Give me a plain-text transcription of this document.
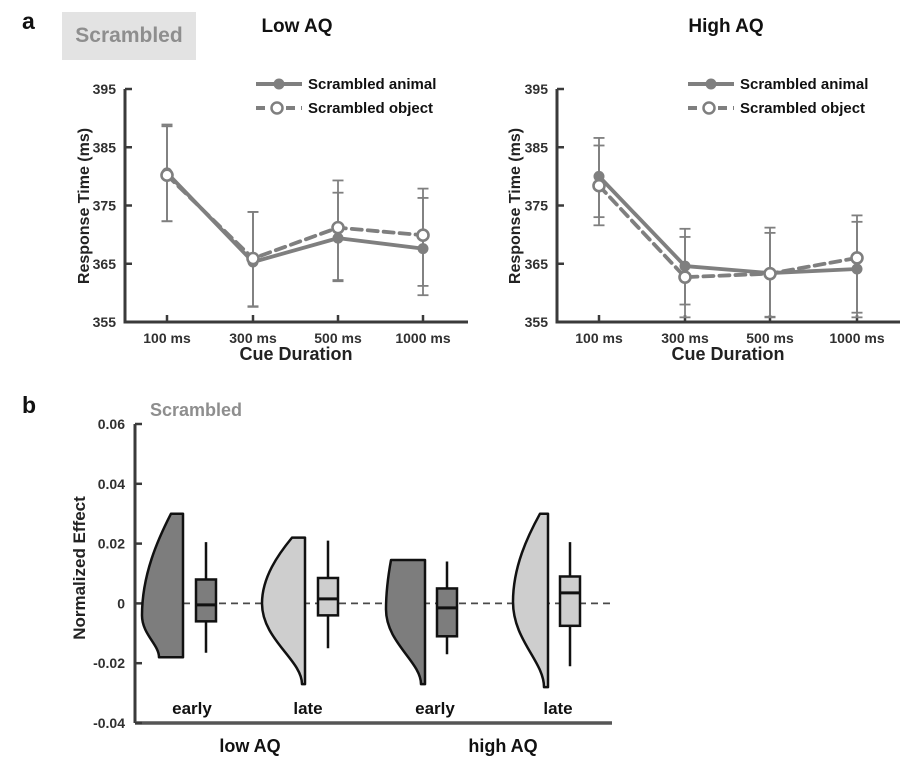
355
365
375
385
395
100 ms	300 ms	500 ms 1000 ms
355
365
375
385
395
100 ms	300 ms	500 ms	1000 ms
0.06
0.04
0.02
0
-0.02
-0.04
early	late	early	late
low AQ	high AQ
a
Scrambled	Low AQ	High AQ
Scrambled animal
Scrambled object
Scrambled animal
Scrambled object
Response Time (ms)	Response Time (ms)
Cue Duration	Cue Duration
b	Scrambled
Normalized Effect
